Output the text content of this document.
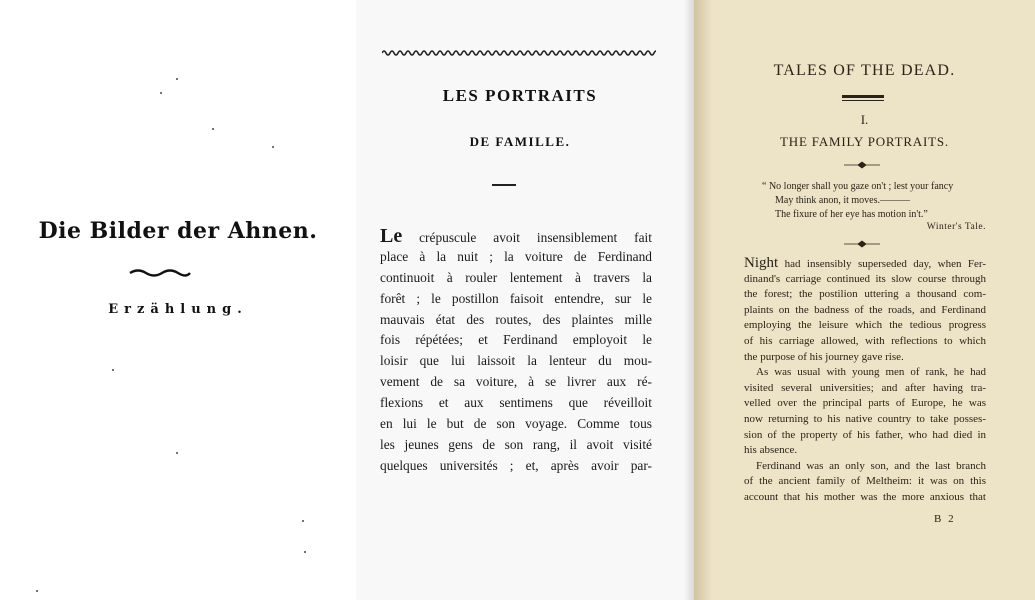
Die Bilder der Ahnen.
Erzählung.
LES PORTRAITS
DE FAMILLE.
Le crépuscule avoit insensiblement fait
place à la nuit ; la voiture de Ferdinand
continuoit à rouler lentement à travers la
forêt ; le postillon faisoit entendre, sur le
mauvais état des routes, des plaintes mille
fois répétées; et Ferdinand employoit le
loisir que lui laissoit la lenteur du mou-
vement de sa voiture, à se livrer aux ré-
flexions et aux sentimens que réveilloit
en lui le but de son voyage. Comme tous
les jeunes gens de son rang, il avoit visité
quelques universités ; et, après avoir par-
TALES OF THE DEAD.
I.
THE FAMILY PORTRAITS.
“ No longer shall you gaze on't ; lest your fancy
May think anon, it moves.———
The fixure of her eye has motion in't.”
Winter's Tale.
Night had insensibly superseded day, when Fer-
dinand's carriage continued its slow course through
the forest; the postilion uttering a thousand com-
plaints on the badness of the roads, and Ferdinand
employing the leisure which the tedious progress
of his carriage allowed, with reflections to which
the purpose of his journey gave rise.
As was usual with young men of rank, he had
visited several universities; and after having tra-
velled over the principal parts of Europe, he was
now returning to his native country to take posses-
sion of the property of his father, who had died in
his absence.
Ferdinand was an only son, and the last branch
of the ancient family of Meltheim: it was on this
account that his mother was the more anxious that
B 2
